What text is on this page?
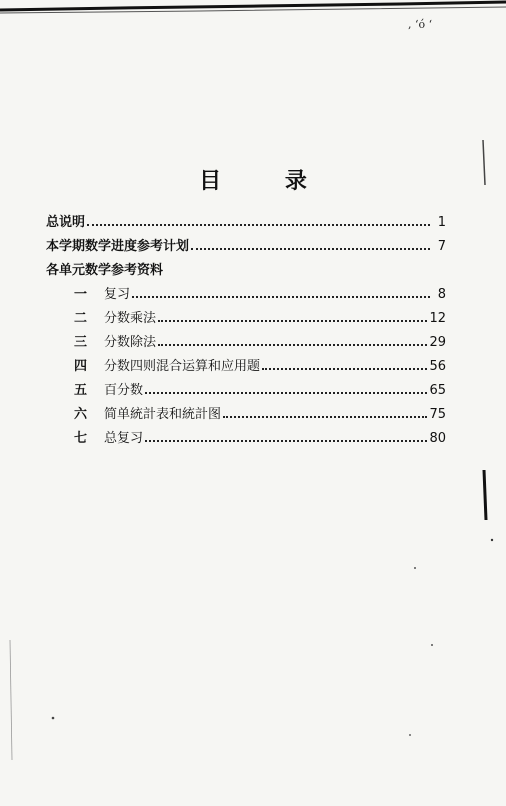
, ‘ó ‘
目 录
总说明	1
本学期数学进度参考计划	7
各单元数学参考资料
一	复习	8
二	分数乘法	12
三	分数除法	29
四	分数四则混合运算和应用题	56
五	百分数	65
六	简单統計表和統計图	75
七	总复习	80
